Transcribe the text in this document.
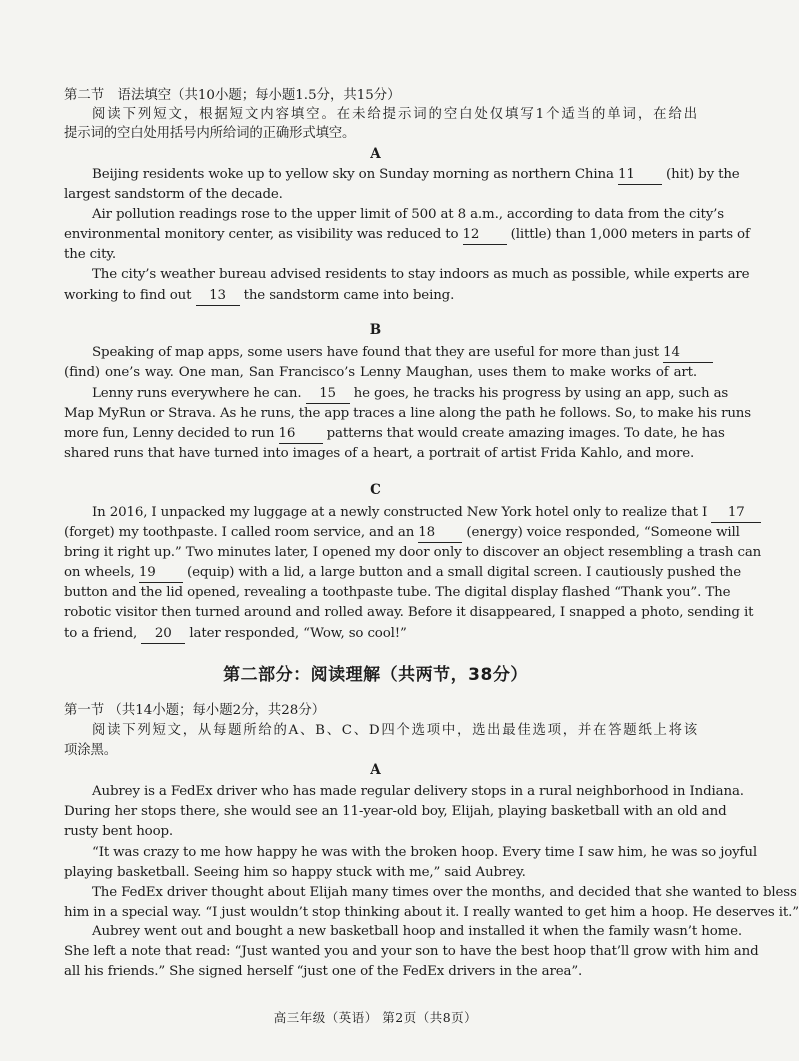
第二节　语法填空（共10小题；每小题1.5分，共15分）
阅读下列短文，根据短文内容填空。在未给提示词的空白处仅填写1个适当的单词，在给出
提示词的空白处用括号内所给词的正确形式填空。
A
Beijing residents woke up to yellow sky on Sunday morning as northern China 11 (hit) by the
largest sandstorm of the decade.
Air pollution readings rose to the upper limit of 500 at 8 a.m., according to data from the city’s
environmental monitory center, as visibility was reduced to 12 (little) than 1,000 meters in parts of
the city.
The city’s weather bureau advised residents to stay indoors as much as possible, while experts are
working to find out 13 the sandstorm came into being.
B
Speaking of map apps, some users have found that they are useful for more than just 14
(find) one’s way. One man, San Francisco’s Lenny Maughan, uses them to make works of art.
Lenny runs everywhere he can. 15 he goes, he tracks his progress by using an app, such as
Map MyRun or Strava. As he runs, the app traces a line along the path he follows. So, to make his runs
more fun, Lenny decided to run 16 patterns that would create amazing images. To date, he has
shared runs that have turned into images of a heart, a portrait of artist Frida Kahlo, and more.
C
In 2016, I unpacked my luggage at a newly constructed New York hotel only to realize that I 17
(forget) my toothpaste. I called room service, and an 18 (energy) voice responded, “Someone will
bring it right up.” Two minutes later, I opened my door only to discover an object resembling a trash can
on wheels, 19 (equip) with a lid, a large button and a small digital screen. I cautiously pushed the
button and the lid opened, revealing a toothpaste tube. The digital display flashed “Thank you”. The
robotic visitor then turned around and rolled away. Before it disappeared, I snapped a photo, sending it
to a friend, 20 later responded, “Wow, so cool!”
第二部分：阅读理解（共两节，38分）
第一节 （共14小题；每小题2分，共28分）
阅读下列短文，从每题所给的A、B、C、D四个选项中，选出最佳选项，并在答题纸上将该
项涂黑。
A
Aubrey is a FedEx driver who has made regular delivery stops in a rural neighborhood in Indiana.
During her stops there, she would see an 11-year-old boy, Elijah, playing basketball with an old and
rusty bent hoop.
“It was crazy to me how happy he was with the broken hoop. Every time I saw him, he was so joyful
playing basketball. Seeing him so happy stuck with me,” said Aubrey.
The FedEx driver thought about Elijah many times over the months, and decided that she wanted to bless
him in a special way. “I just wouldn’t stop thinking about it. I really wanted to get him a hoop. He deserves it.”
Aubrey went out and bought a new basketball hoop and installed it when the family wasn’t home.
She left a note that read: “Just wanted you and your son to have the best hoop that’ll grow with him and
all his friends.” She signed herself “just one of the FedEx drivers in the area”.
高三年级（英语） 第2页（共8页）
